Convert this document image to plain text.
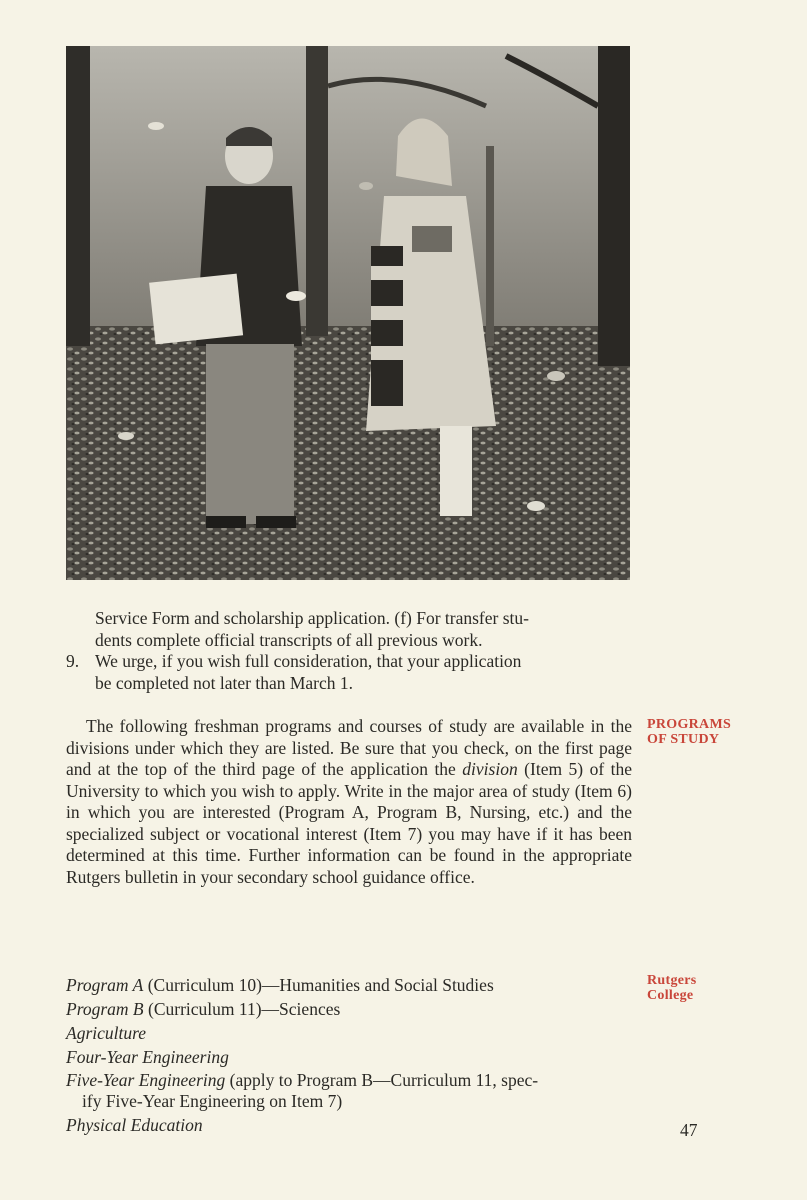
Service Form and scholarship application. (f) For transfer stu-

dents complete official transcripts of all previous work.

9. We urge, if you wish full consideration, that your application
be completed not later than March 1.

The following freshman programs and courses of study are available in the divisions under which they are listed. Be sure that you check, on the first page and at the top of the third page of the application the division (Item 5) of the University to which you wish to apply. Write in the major area of study (Item 6) in which you are interested (Program A, Program B, Nursing, etc.) and the specialized subject or vocational interest (Item 7) you may have if it has been determined at this time. Further information can be found in the appropriate Rutgers bulletin in your secondary school guidance office.

PROGRAMS
OF STUDY
Rutgers
College
Program A (Curriculum 10)—Humanities and Social Studies
Program B (Curriculum 11)—Sciences
Agriculture
Four-Year Engineering
Five-Year Engineering (apply to Program B—Curriculum 11, spec-
ify Five-Year Engineering on Item 7)
Physical Education	47
